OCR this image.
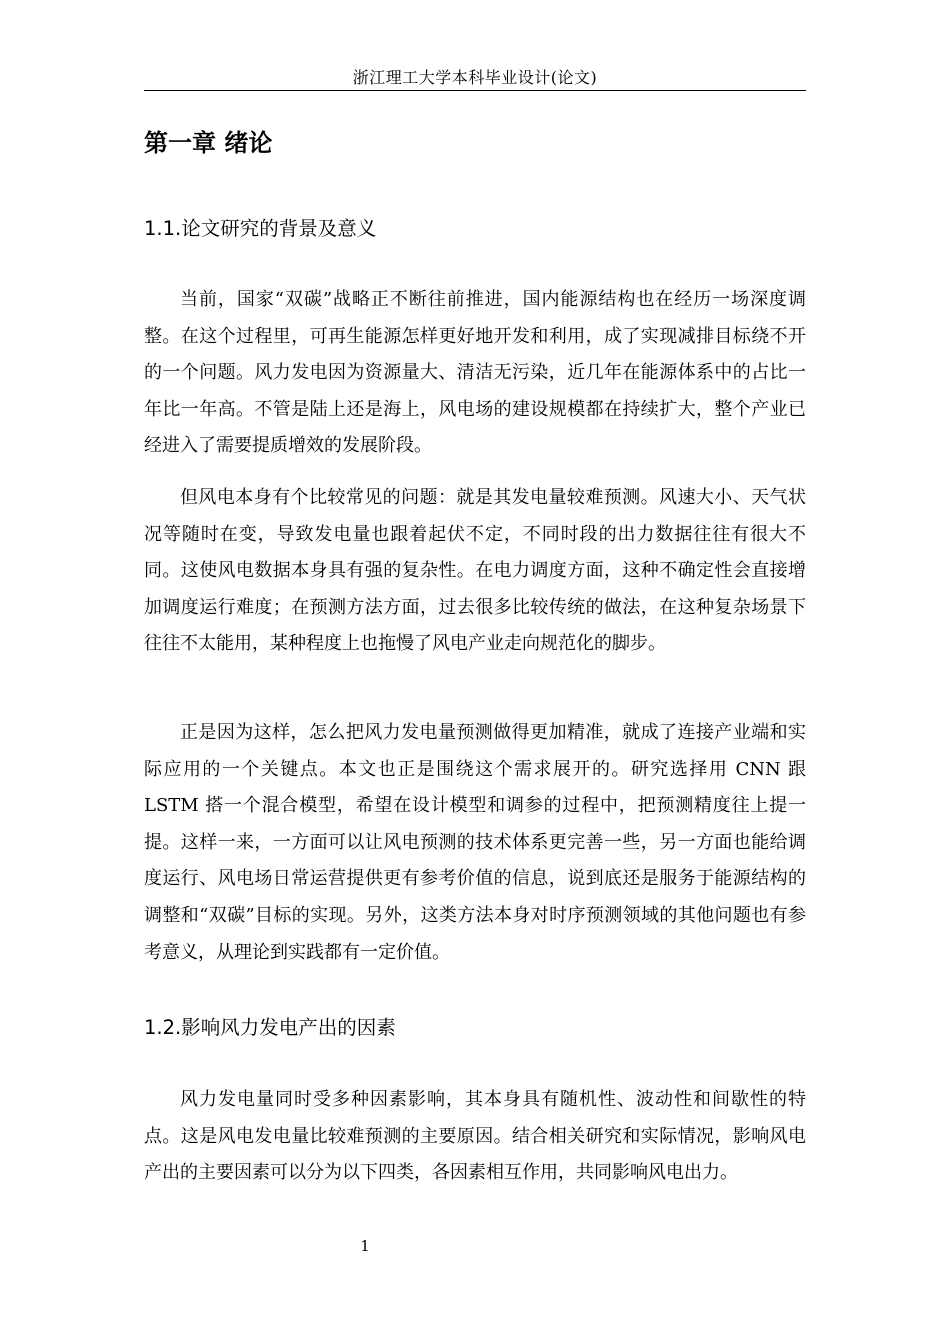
浙江理工大学本科毕业设计(论文)
第一章 绪论
1.1.论文研究的背景及意义

当前，国家“双碳”战略正不断往前推进，国内能源结构也在经历一场深度调整。在这个过程里，可再生能源怎样更好地开发和利用，成了实现减排目标绕不开的一个问题。风力发电因为资源量大、清洁无污染，近几年在能源体系中的占比一年比一年高。不管是陆上还是海上，风电场的建设规模都在持续扩大，整个产业已经进入了需要提质增效的发展阶段。

但风电本身有个比较常见的问题：就是其发电量较难预测。风速大小、天气状况等随时在变，导致发电量也跟着起伏不定，不同时段的出力数据往往有很大不同。这使风电数据本身具有强的复杂性。在电力调度方面，这种不确定性会直接增加调度运行难度；在预测方法方面，过去很多比较传统的做法，在这种复杂场景下往往不太能用，某种程度上也拖慢了风电产业走向规范化的脚步。

正是因为这样，怎么把风力发电量预测做得更加精准，就成了连接产业端和实际应用的一个关键点。本文也正是围绕这个需求展开的。研究选择用 CNN 跟 LSTM 搭一个混合模型，希望在设计模型和调参的过程中，把预测精度往上提一提。这样一来，一方面可以让风电预测的技术体系更完善一些，另一方面也能给调度运行、风电场日常运营提供更有参考价值的信息，说到底还是服务于能源结构的调整和“双碳”目标的实现。另外，这类方法本身对时序预测领域的其他问题也有参考意义，从理论到实践都有一定价值。

1.2.影响风力发电产出的因素

风力发电量同时受多种因素影响，其本身具有随机性、波动性和间歇性的特点。这是风电发电量比较难预测的主要原因。结合相关研究和实际情况，影响风电产出的主要因素可以分为以下四类，各因素相互作用，共同影响风电出力。

1
